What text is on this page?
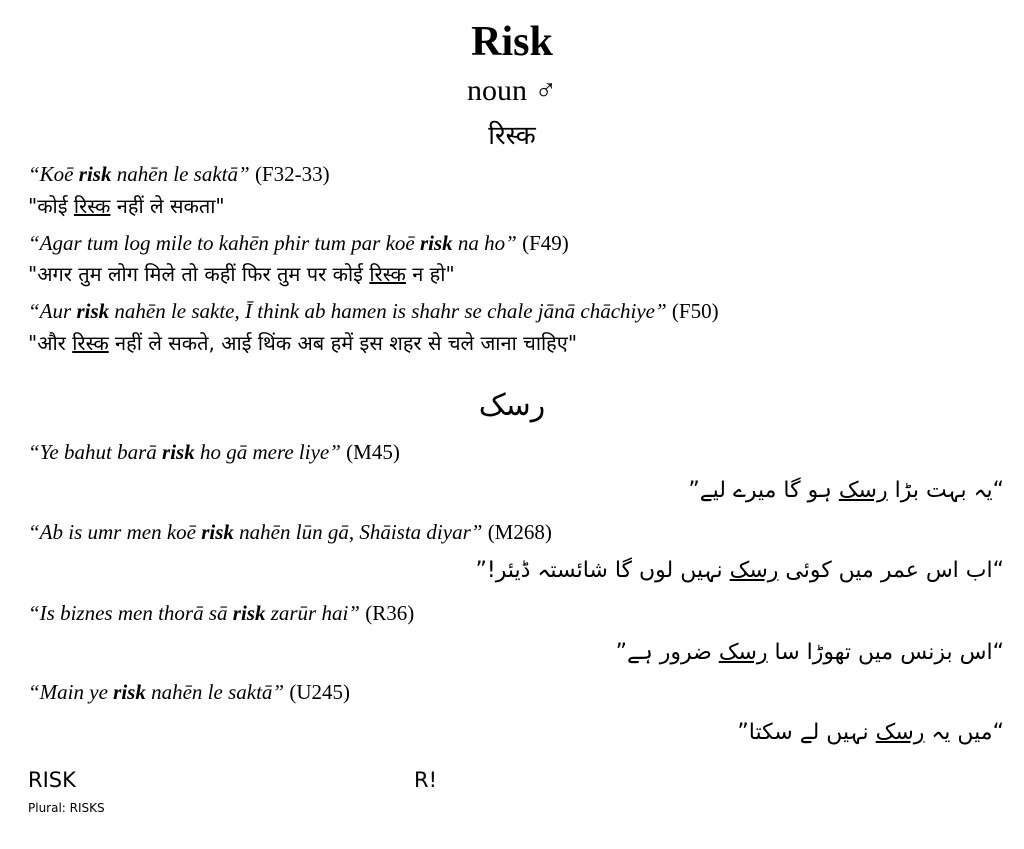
Risk
noun ♂
रिस्क
“Koē risk nahēn le saktā” (F32-33)
"कोई रिस्क नहीं ले सकता"
“Agar tum log mile to kahēn phir tum par koē risk na ho” (F49)
"अगर तुम लोग मिले तो कहीं फिर तुम पर कोई रिस्क न हो"
“Aur risk nahēn le sakte, Ī think ab hamen is shahr se chale jānā chāchiye” (F50)
"और रिस्क नहीं ले सकते, आई थिंक अब हमें इस शहर से चले जाना चाहिए"
رسک
“Ye bahut barā risk ho gā mere liye” (M45)
“یہ بہت بڑا رسک ہو گا میرے لیے”
“Ab is umr men koē risk nahēn lūn gā, Shāista diyar” (M268)
“اب اس عمر میں کوئی رسک نہیں لوں گا شائستہ ڈیئر!”
“Is biznes men thorā sā risk zarūr hai” (R36)
“اس بزنس میں تھوڑا سا رسک ضرور ہے”
“Main ye risk nahēn le saktā” (U245)
“میں یہ رسک نہیں لے سکتا”
RISK	R!
Plural: RISKS
